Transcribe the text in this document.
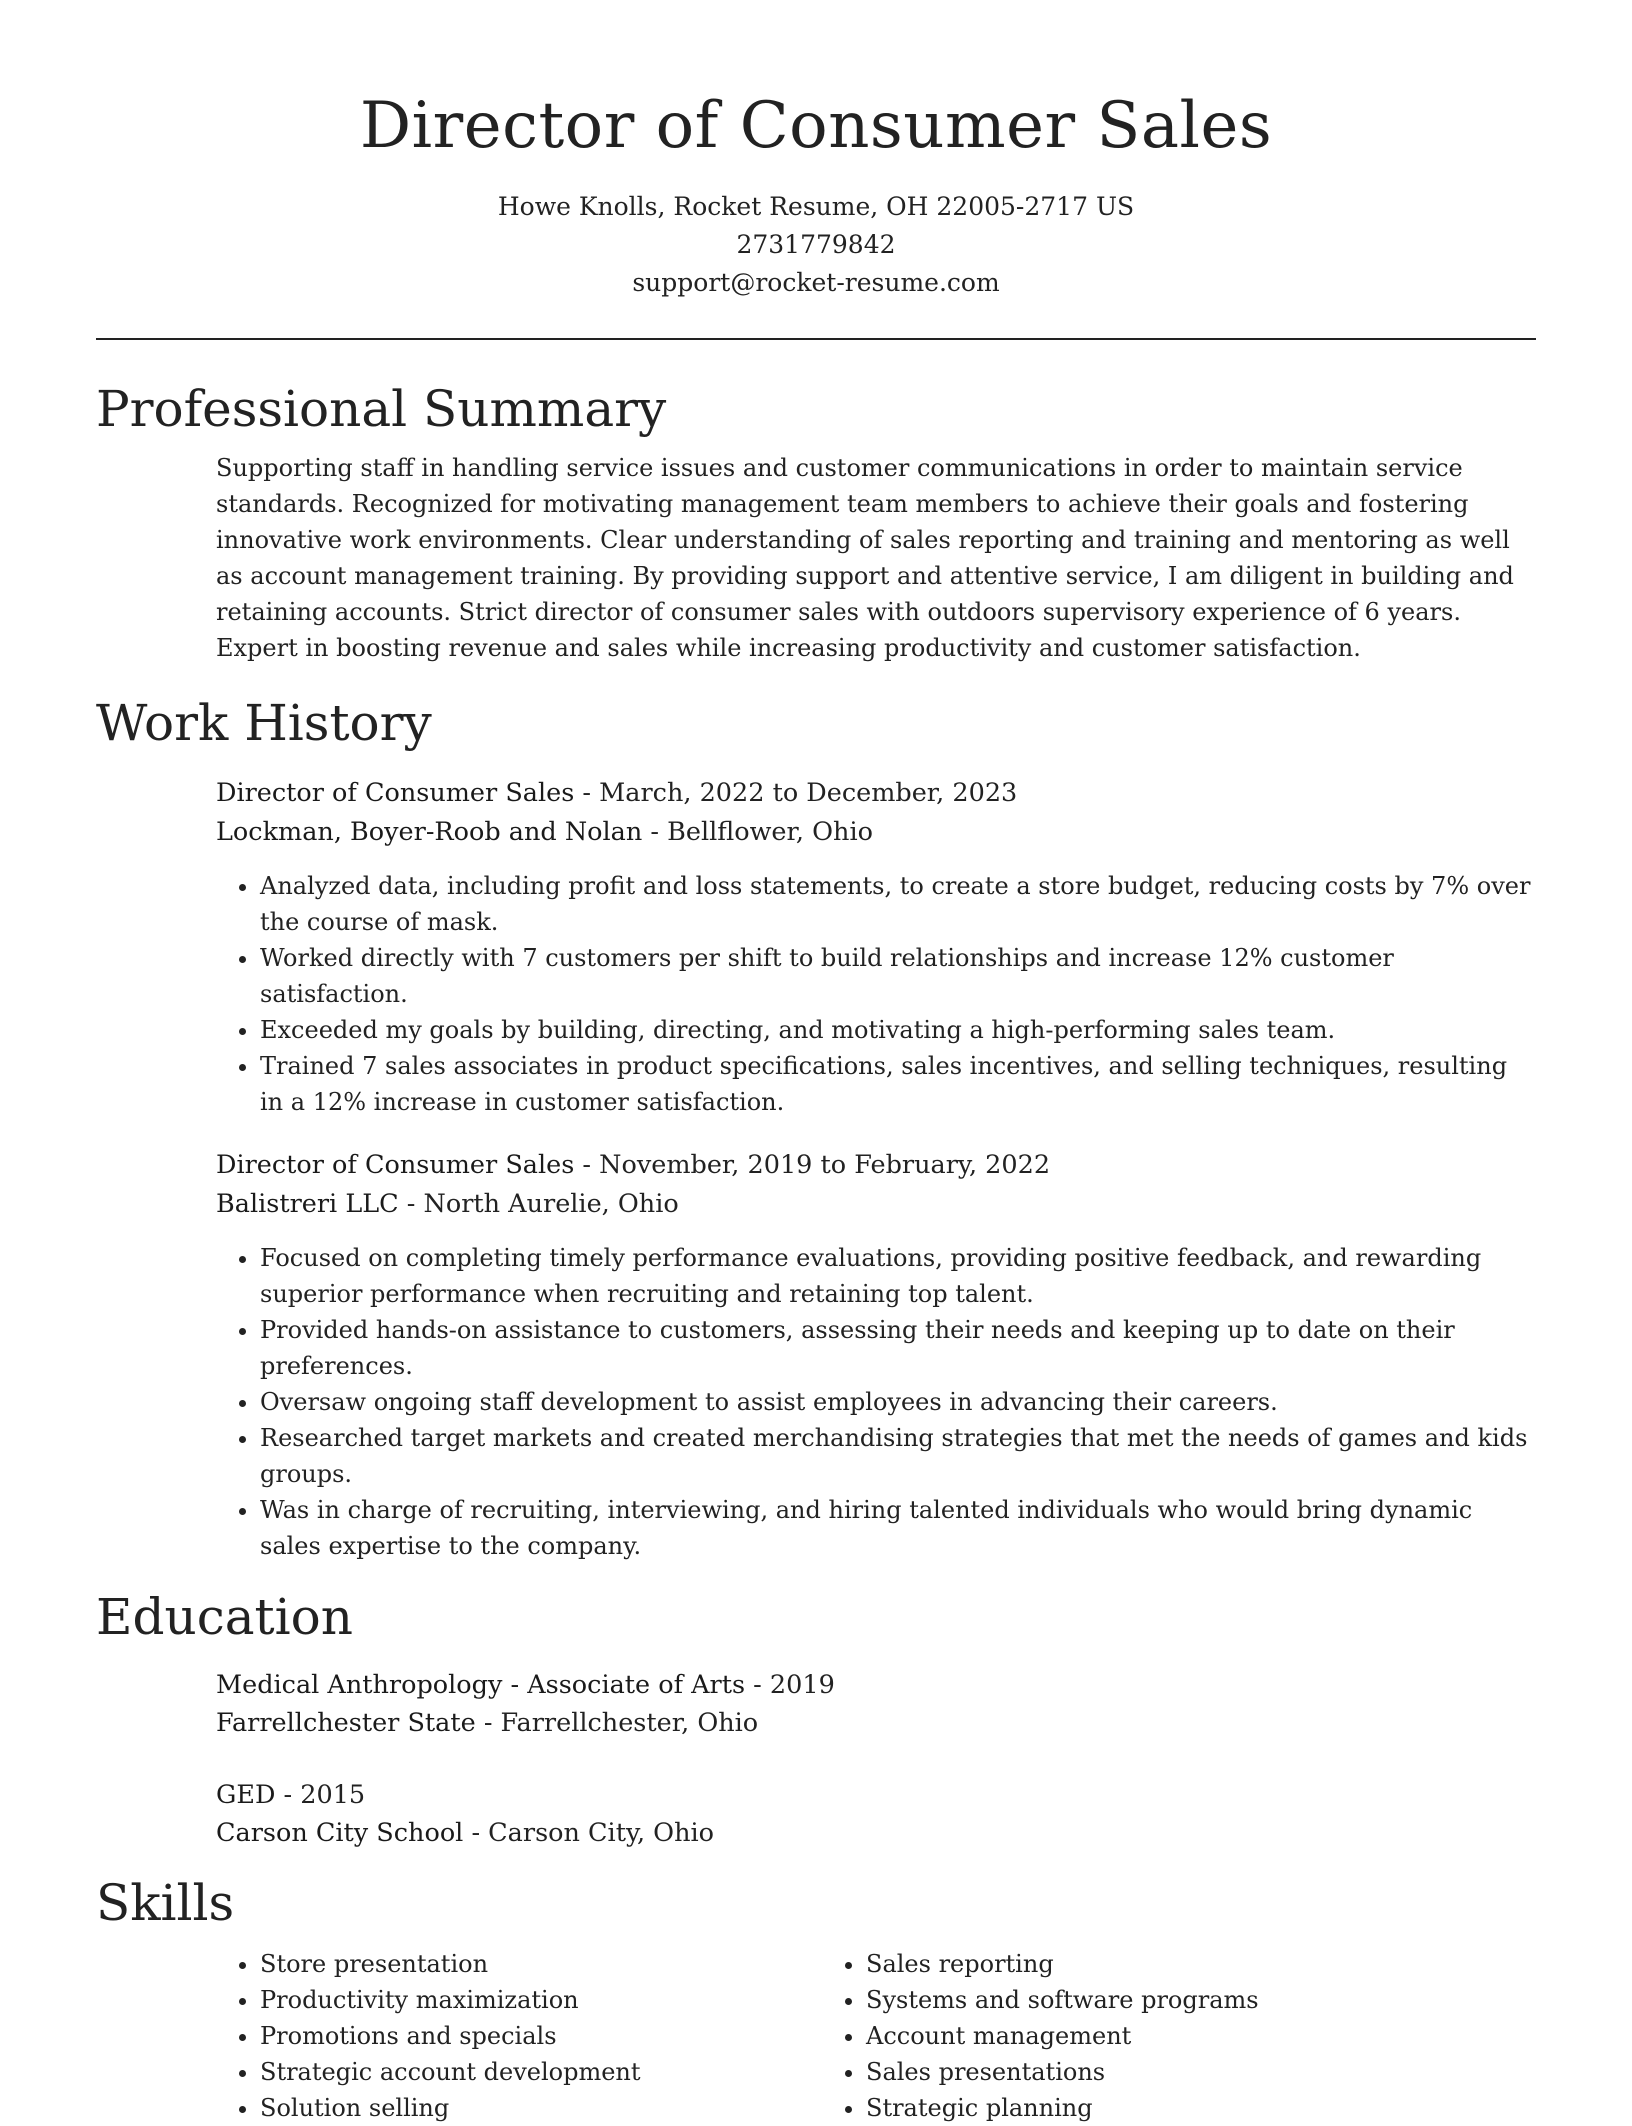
Director of Consumer Sales
Howe Knolls, Rocket Resume, OH 22005-2717 US
2731779842
support@rocket-resume.com
Professional Summary

Supporting staff in handling service issues and customer communications in order to maintain service standards. Recognized for motivating management team members to achieve their goals and fostering innovative work environments. Clear understanding of sales reporting and training and mentoring as well as account management training. By providing support and attentive service, I am diligent in building and retaining accounts. Strict director of consumer sales with outdoors supervisory experience of 6 years. Expert in boosting revenue and sales while increasing productivity and customer satisfaction.

Work History
Director of Consumer Sales - March, 2022 to December, 2023
Lockman, Boyer-Roob and Nolan - Bellflower, Ohio
• Analyzed data, including profit and loss statements, to create a store budget, reducing costs by 7% over the course of mask.
• Worked directly with 7 customers per shift to build relationships and increase 12% customer satisfaction.
• Exceeded my goals by building, directing, and motivating a high-performing sales team.
• Trained 7 sales associates in product specifications, sales incentives, and selling techniques, resulting in a 12% increase in customer satisfaction.
Director of Consumer Sales - November, 2019 to February, 2022
Balistreri LLC - North Aurelie, Ohio
• Focused on completing timely performance evaluations, providing positive feedback, and rewarding superior performance when recruiting and retaining top talent.
• Provided hands-on assistance to customers, assessing their needs and keeping up to date on their preferences.
• Oversaw ongoing staff development to assist employees in advancing their careers.
• Researched target markets and created merchandising strategies that met the needs of games and kids groups.
• Was in charge of recruiting, interviewing, and hiring talented individuals who would bring dynamic sales expertise to the company.
Education
Medical Anthropology - Associate of Arts - 2019
Farrellchester State - Farrellchester, Ohio
GED - 2015
Carson City School - Carson City, Ohio
Skills
• Store presentation
• Productivity maximization
• Promotions and specials
• Strategic account development
• Solution selling
• Sales reporting
• Systems and software programs
• Account management
• Sales presentations
• Strategic planning
